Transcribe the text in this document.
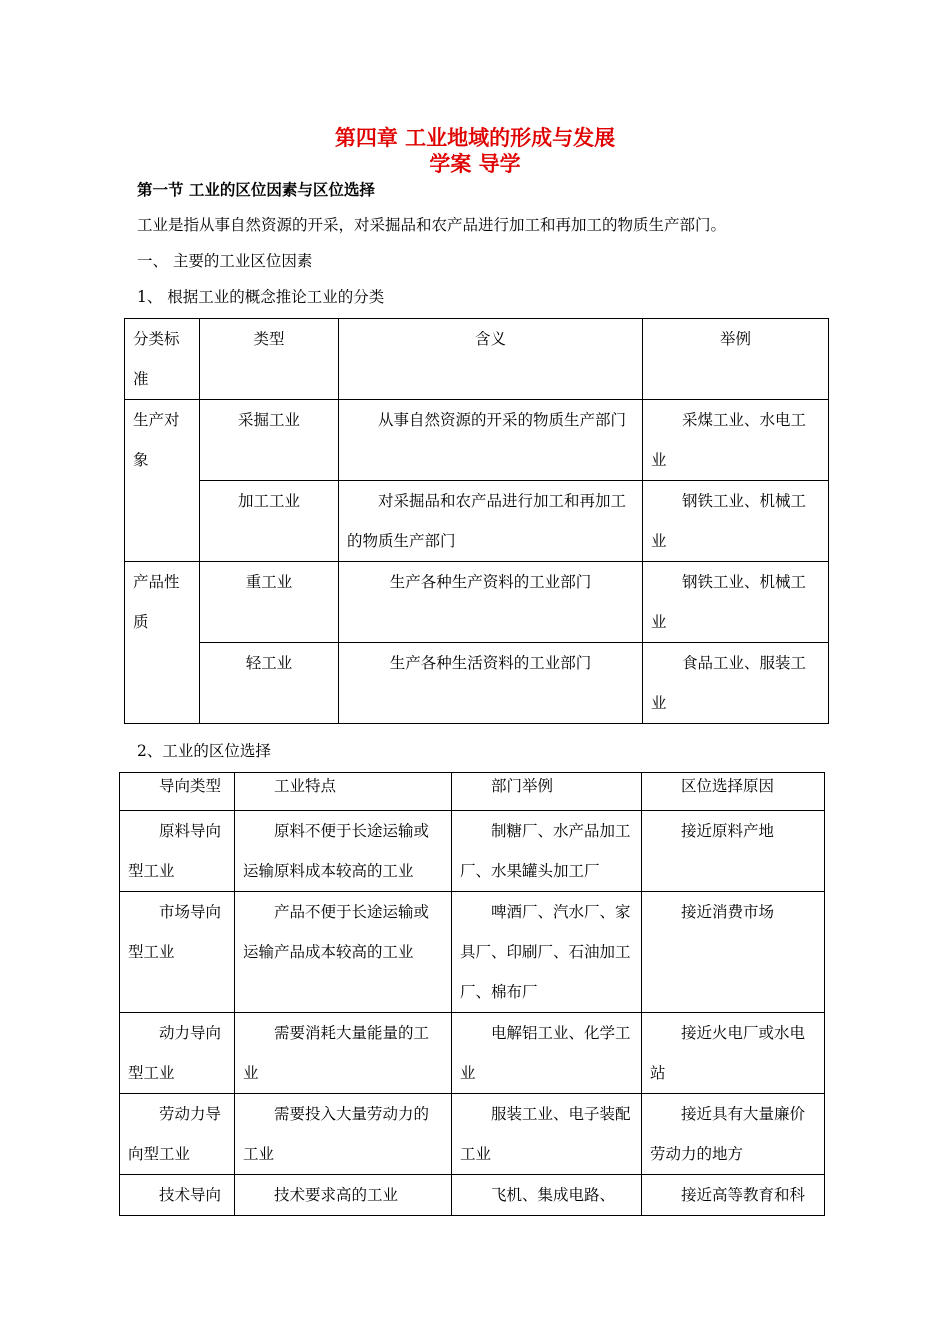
第四章 工业地域的形成与发展
学案 导学
第一节 工业的区位因素与区位选择
工业是指从事自然资源的开采，对采掘品和农产品进行加工和再加工的物质生产部门。
一、 主要的工业区位因素
1、 根据工业的概念推论工业的分类
分类标准	类型	含义	举例
生产对象	采掘工业	从事自然资源的开采的物质生产部门	采煤工业、水电工业
	加工工业	对采掘品和农产品进行加工和再加工的物质生产部门	钢铁工业、机械工业
产品性质	重工业	生产各种生产资料的工业部门	钢铁工业、机械工业
	轻工业	生产各种生活资料的工业部门	食品工业、服装工业
2、工业的区位选择
导向类型	工业特点	部门举例	区位选择原因
原料导向型工业	原料不便于长途运输或运输原料成本较高的工业	制糖厂、水产品加工厂、水果罐头加工厂	接近原料产地
市场导向型工业	产品不便于长途运输或运输产品成本较高的工业	啤酒厂、汽水厂、家具厂、印刷厂、石油加工厂、棉布厂	接近消费市场
动力导向型工业	需要消耗大量能量的工业	电解铝工业、化学工业	接近火电厂或水电站
劳动力导向型工业	需要投入大量劳动力的工业	服装工业、电子装配工业	接近具有大量廉价劳动力的地方
技术导向	技术要求高的工业	飞机、集成电路、	接近高等教育和科
